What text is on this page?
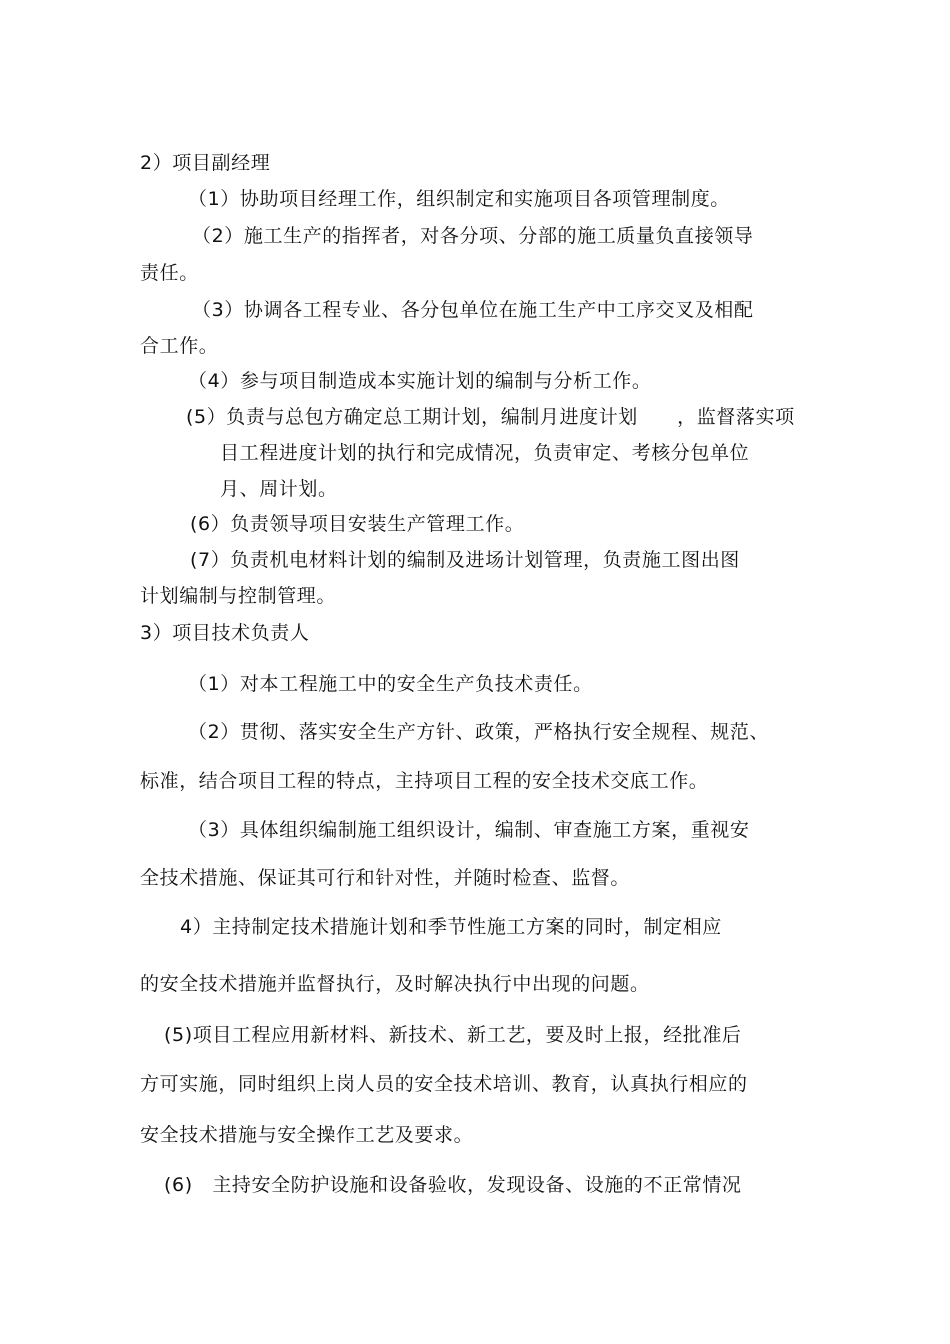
2）项目副经理
（1）协助项目经理工作，组织制定和实施项目各项管理制度。
（2）施工生产的指挥者，对各分项、分部的施工质量负直接领导
责任。
（3）协调各工程专业、各分包单位在施工生产中工序交叉及相配
合工作。
（4）参与项目制造成本实施计划的编制与分析工作。
(5）负责与总包方确定总工期计划，编制月进度计划　　，监督落实项
目工程进度计划的执行和完成情况，负责审定、考核分包单位
月、周计划。
(6）负责领导项目安装生产管理工作。
(7）负责机电材料计划的编制及进场计划管理，负责施工图出图
计划编制与控制管理。
3）项目技术负责人
（1）对本工程施工中的安全生产负技术责任。
（2）贯彻、落实安全生产方针、政策，严格执行安全规程、规范、
标准，结合项目工程的特点，主持项目工程的安全技术交底工作。
（3）具体组织编制施工组织设计，编制、审查施工方案，重视安
全技术措施、保证其可行和针对性，并随时检查、监督。
4）主持制定技术措施计划和季节性施工方案的同时，制定相应
的安全技术措施并监督执行，及时解决执行中出现的问题。
(5)项目工程应用新材料、新技术、新工艺，要及时上报，经批准后
方可实施，同时组织上岗人员的安全技术培训、教育，认真执行相应的
安全技术措施与安全操作工艺及要求。
(6)　主持安全防护设施和设备验收，发现设备、设施的不正常情况
